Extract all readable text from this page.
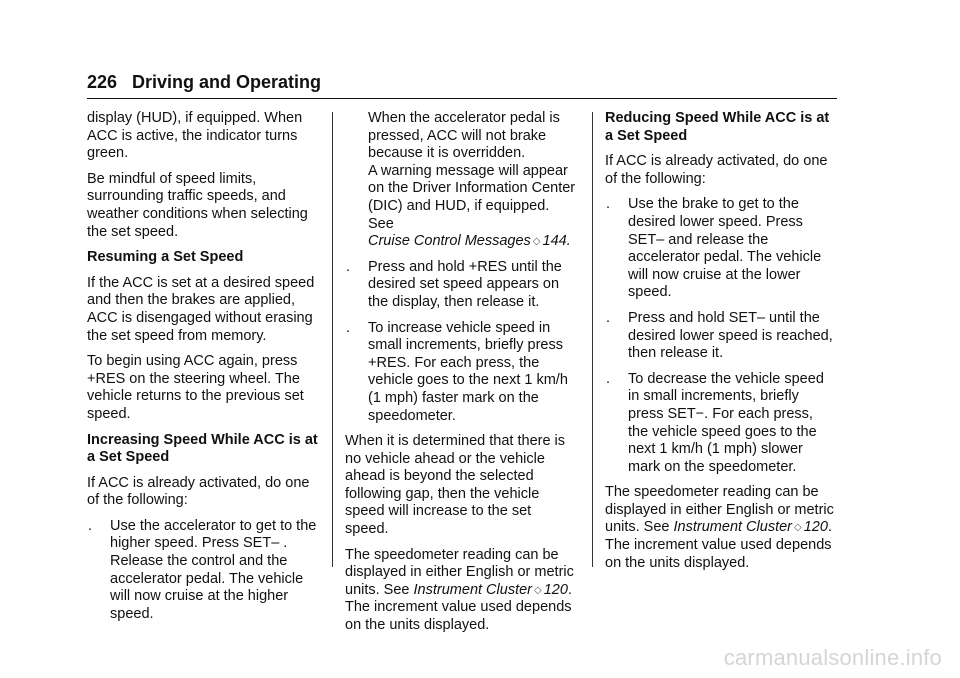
226 Driving and Operating

display (HUD), if equipped. When ACC is active, the indicator turns green.

Be mindful of speed limits, surrounding traffic speeds, and weather conditions when selecting the set speed.

Resuming a Set Speed

If the ACC is set at a desired speed and then the brakes are applied, ACC is disengaged without erasing the set speed from memory.

To begin using ACC again, press +RES on the steering wheel. The vehicle returns to the previous set speed.

Increasing Speed While ACC is at a Set Speed

If ACC is already activated, do one of the following:

. Use the accelerator to get to the higher speed. Press SET– . Release the control and the accelerator pedal. The vehicle will now cruise at the higher speed.

When the accelerator pedal is pressed, ACC will not brake because it is overridden.

A warning message will appear on the Driver Information Center (DIC) and HUD, if equipped. See
Cruise Control Messages ◇ 144.

. Press and hold +RES until the desired set speed appears on the display, then release it.
. To increase vehicle speed in small increments, briefly press +RES. For each press, the vehicle goes to the next 1 km/h (1 mph) faster mark on the speedometer.

When it is determined that there is no vehicle ahead or the vehicle ahead is beyond the selected following gap, then the vehicle speed will increase to the set speed.

The speedometer reading can be displayed in either English or metric units. See Instrument Cluster ◇ 120. The increment value used depends on the units displayed.

Reducing Speed While ACC is at a Set Speed

If ACC is already activated, do one of the following:

. Use the brake to get to the desired lower speed. Press SET– and release the accelerator pedal. The vehicle will now cruise at the lower speed.
. Press and hold SET– until the desired lower speed is reached, then release it.
. To decrease the vehicle speed in small increments, briefly press SET−. For each press, the vehicle speed goes to the next 1 km/h (1 mph) slower mark on the speedometer.

The speedometer reading can be displayed in either English or metric units. See Instrument Cluster ◇ 120. The increment value used depends on the units displayed.

carmanualsonline.info
